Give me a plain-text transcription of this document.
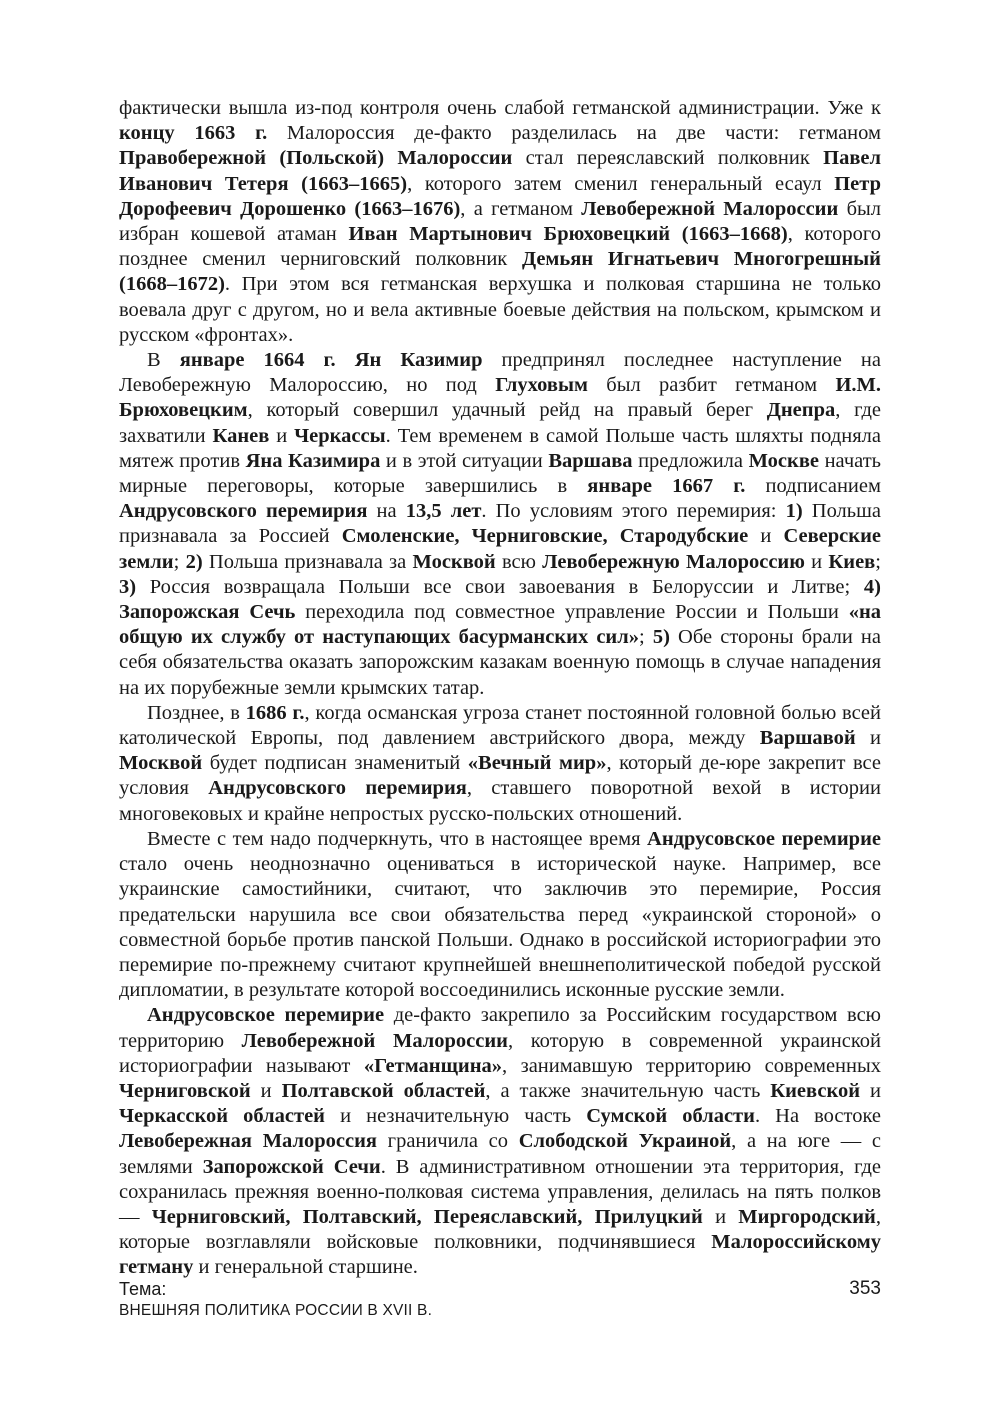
фактически вышла из-под контроля очень слабой гетманской администрации. Уже к концу 1663 г. Малороссия де-факто разделилась на две части: гетманом Правобережной (Польской) Малороссии стал переяславский полковник Павел Иванович Тетеря (1663–1665), которого затем сменил генеральный есаул Петр Дорофеевич Дорошенко (1663–1676), а гетманом Левобережной Малороссии был избран кошевой атаман Иван Мартынович Брюховецкий (1663–1668), которого позднее сменил черниговский полковник Демьян Игнатьевич Многогрешный (1668–1672). При этом вся гетманская верхушка и полковая старшина не только воевала друг с другом, но и вела активные боевые действия на польском, крымском и русском «фронтах».

В январе 1664 г. Ян Казимир предпринял последнее наступление на Левобережную Малороссию, но под Глуховым был разбит гетманом И.М. Брюховецким, который совершил удачный рейд на правый берег Днепра, где захватили Канев и Черкассы. Тем временем в самой Польше часть шляхты подняла мятеж против Яна Казимира и в этой ситуации Варшава предложила Москве начать мирные переговоры, которые завершились в январе 1667 г. подписанием Андрусовского перемирия на 13,5 лет. По условиям этого перемирия: 1) Польша признавала за Россией Смоленские, Черниговские, Стародубские и Северские земли; 2) Польша признавала за Москвой всю Левобережную Малороссию и Киев; 3) Россия возвращала Польши все свои завоевания в Белоруссии и Литве; 4) Запорожская Сечь переходила под совместное управление России и Польши «на общую их службу от наступающих басурманских сил»; 5) Обе стороны брали на себя обязательства оказать запорожским казакам военную помощь в случае нападения на их порубежные земли крымских татар.

Позднее, в 1686 г., когда османская угроза станет постоянной головной болью всей католической Европы, под давлением австрийского двора, между Варшавой и Москвой будет подписан знаменитый «Вечный мир», который де-юре закрепит все условия Андрусовского перемирия, ставшего поворотной вехой в истории многовековых и крайне непростых русско-польских отношений.

Вместе с тем надо подчеркнуть, что в настоящее время Андрусовское перемирие стало очень неоднозначно оцениваться в исторической науке. Например, все украинские самостийники, считают, что заключив это перемирие, Россия предательски нарушила все свои обязательства перед «украинской стороной» о совместной борьбе против панской Польши. Однако в российской историографии это перемирие по-прежнему считают крупнейшей внешнеполитической победой русской дипломатии, в результате которой воссоединились исконные русские земли.

Андрусовское перемирие де-факто закрепило за Российским государством всю территорию Левобережной Малороссии, которую в современной украинской историографии называют «Гетманщина», занимавшую территорию современных Черниговской и Полтавской областей, а также значительную часть Киевской и Черкасской областей и незначительную часть Сумской области. На востоке Левобережная Малороссия граничила со Слободской Украиной, а на юге — с землями Запорожской Сечи. В административном отношении эта территория, где сохранилась прежняя военно-полковая система управления, делилась на пять полков — Черниговский, Полтавский, Переяславский, Прилуцкий и Миргородский, которые возглавляли войсковые полковники, подчинявшиеся Малороссийскому гетману и генеральной старшине.

Тема:
ВНЕШНЯЯ ПОЛИТИКА РОССИИ В XVII В.
353
